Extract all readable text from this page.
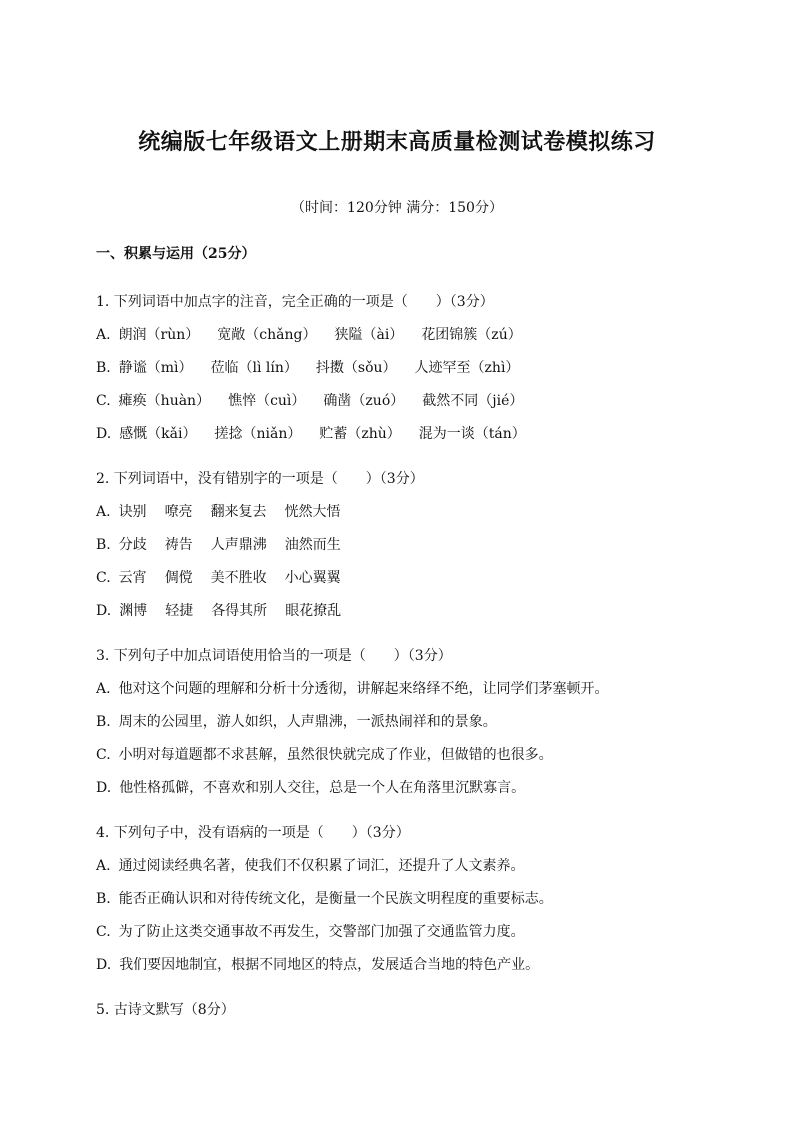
统编版七年级语文上册期末高质量检测试卷模拟练习

（时间：120分钟 满分：150分）

一、积累与运用（25分）

1. 下列词语中加点字的注音，完全正确的一项是（　　）（3分）

A. 朗润（rùn） 宽敞（chǎng） 狭隘（ài） 花团锦簇（zú）

B. 静谧（mì） 莅临（lì lín） 抖擞（sǒu） 人迹罕至（zhì）

C. 瘫痪（huàn） 憔悴（cuì） 确凿（zuó） 截然不同（jié）

D. 感慨（kǎi） 搓捻（niǎn） 贮蓄（zhù） 混为一谈（tán）

2. 下列词语中，没有错别字的一项是（　　）（3分）

A. 诀别 嘹亮 翻来复去 恍然大悟

B. 分歧 祷告 人声鼎沸 油然而生

C. 云宵 倜傥 美不胜收 小心翼翼

D. 渊博 轻捷 各得其所 眼花撩乱

3. 下列句子中加点词语使用恰当的一项是（　　）（3分）

A. 他对这个问题的理解和分析十分透彻，讲解起来络绎不绝，让同学们茅塞顿开。

B. 周末的公园里，游人如织，人声鼎沸，一派热闹祥和的景象。

C. 小明对每道题都不求甚解，虽然很快就完成了作业，但做错的也很多。

D. 他性格孤僻，不喜欢和别人交往，总是一个人在角落里沉默寡言。

4. 下列句子中，没有语病的一项是（　　）（3分）

A. 通过阅读经典名著，使我们不仅积累了词汇，还提升了人文素养。

B. 能否正确认识和对待传统文化，是衡量一个民族文明程度的重要标志。

C. 为了防止这类交通事故不再发生，交警部门加强了交通监管力度。

D. 我们要因地制宜，根据不同地区的特点，发展适合当地的特色产业。

5. 古诗文默写（8分）
